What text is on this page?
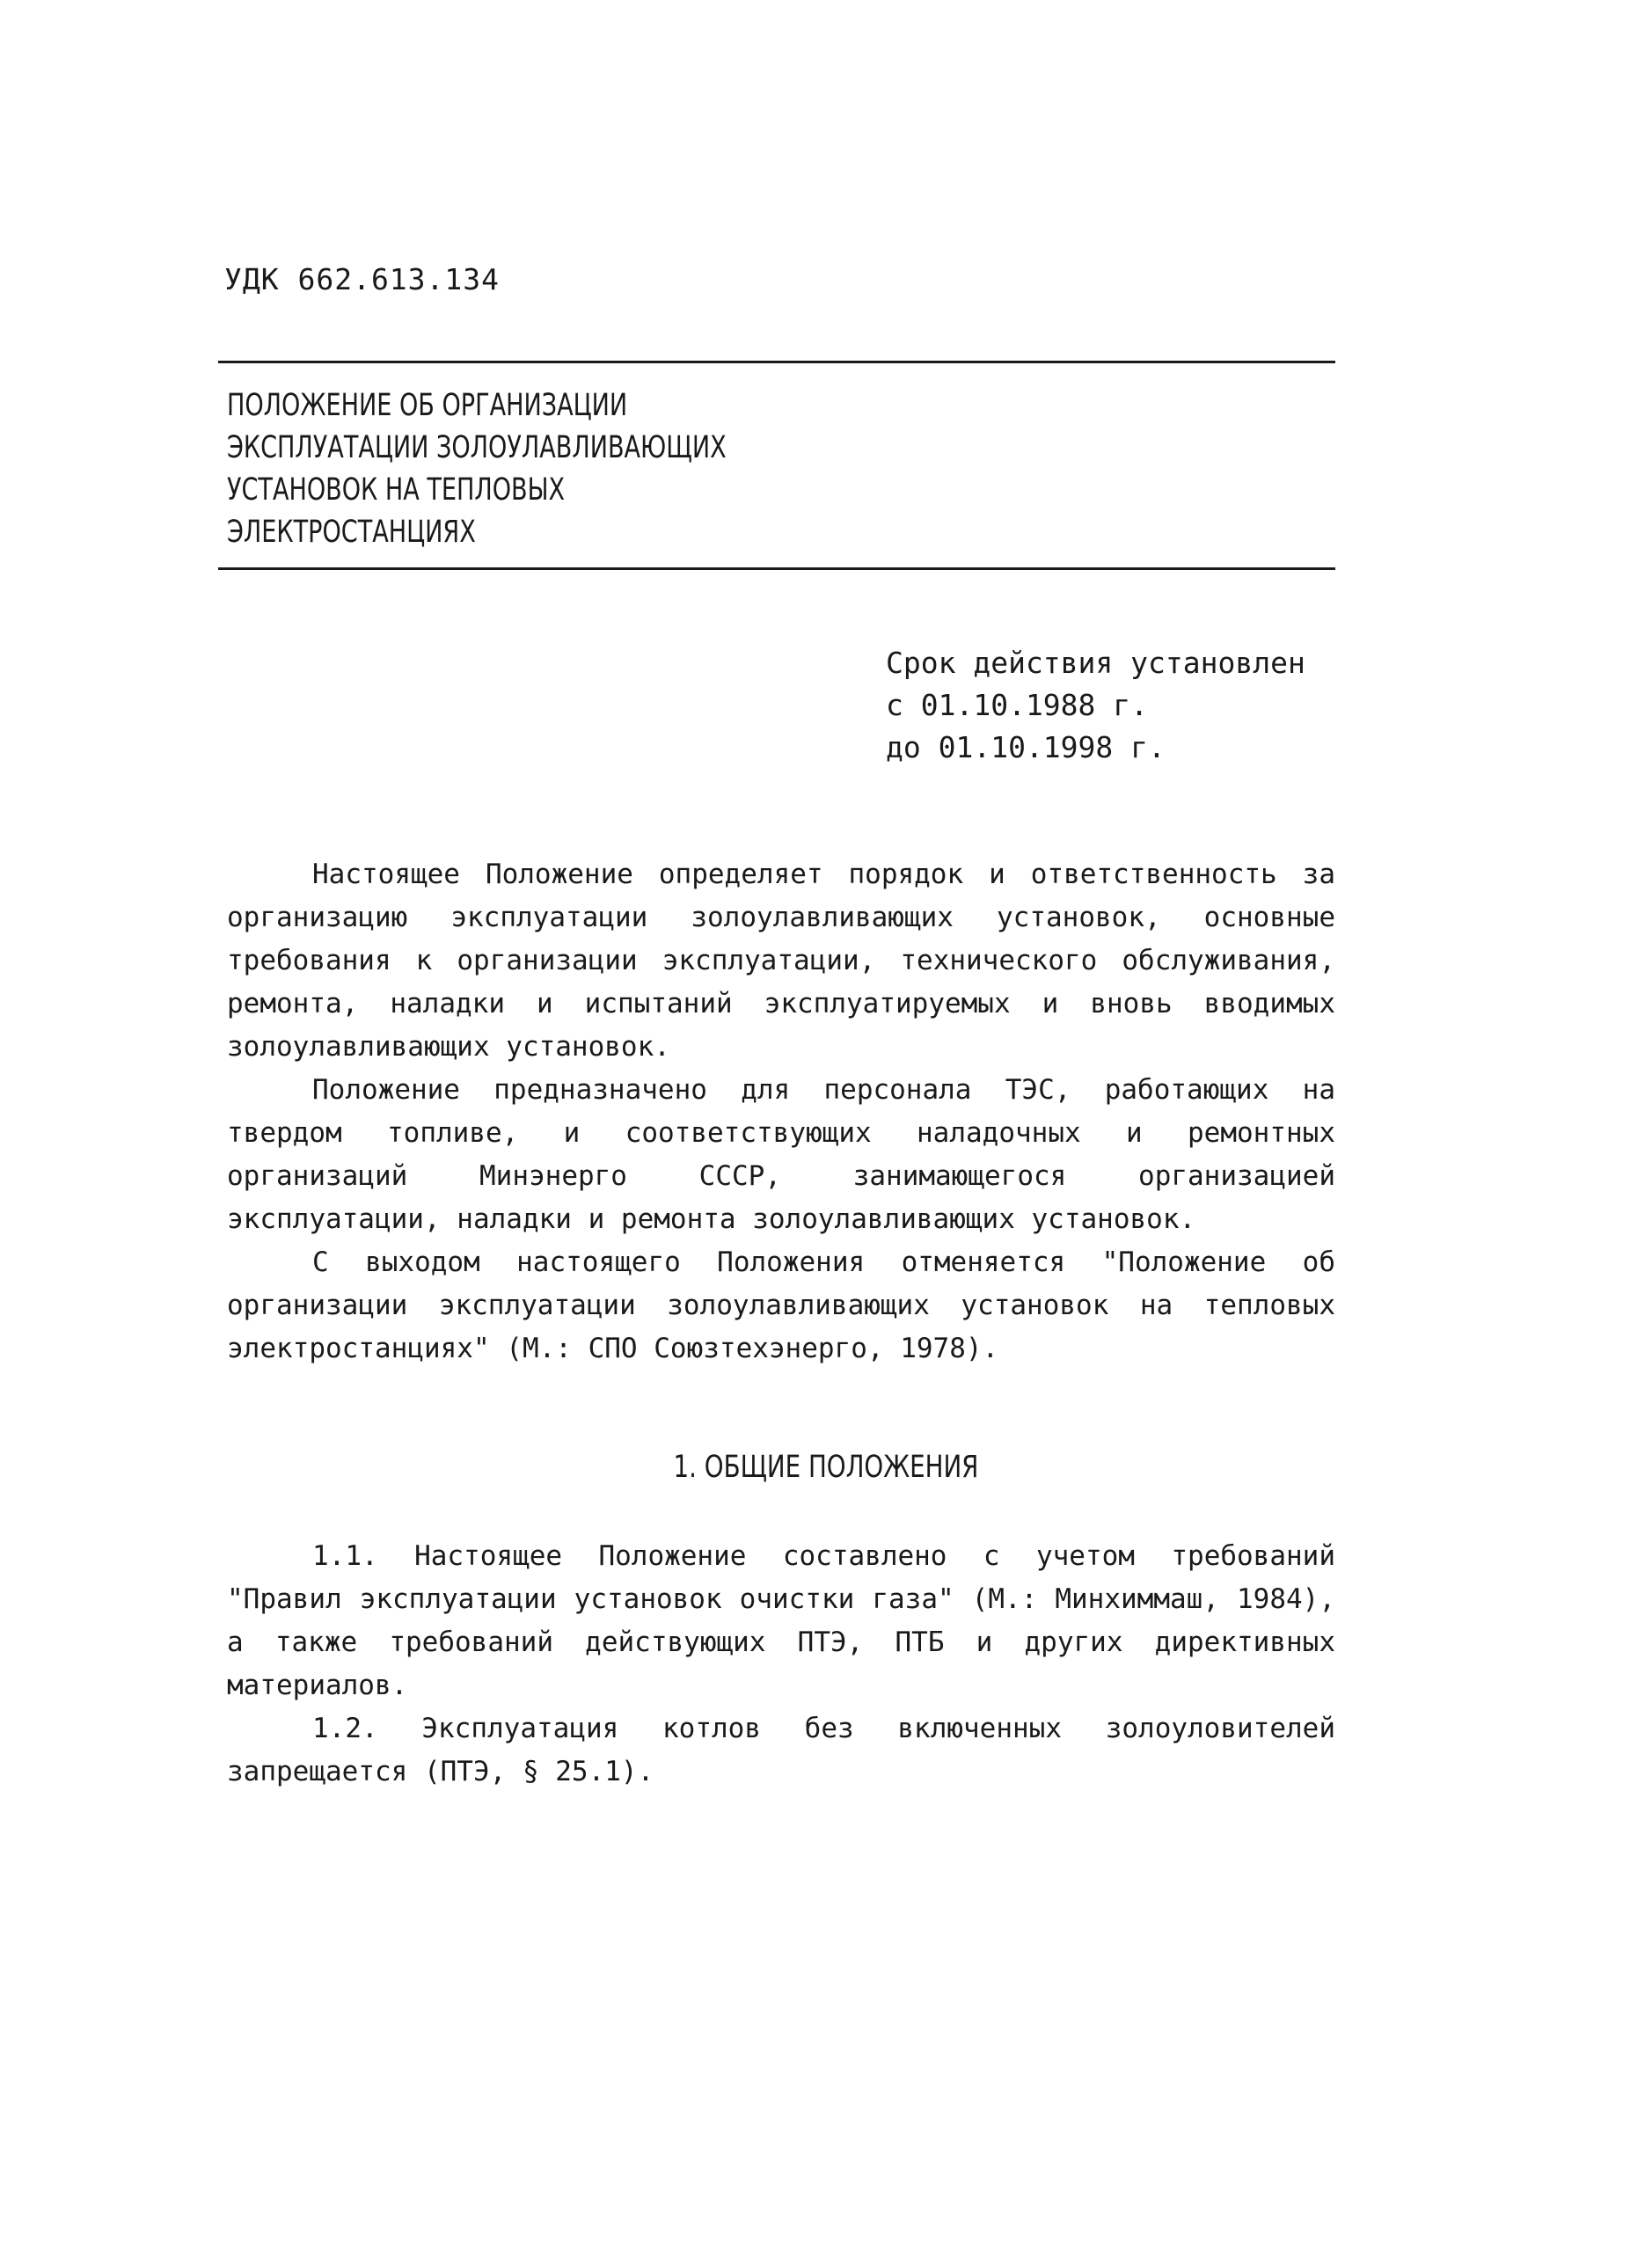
УДК 662.613.134
ПОЛОЖЕНИЕ ОБ ОРГАНИЗАЦИИ
ЭКСПЛУАТАЦИИ ЗОЛОУЛАВЛИВАЮЩИХ
УСТАНОВОК НА ТЕПЛОВЫХ
ЭЛЕКТРОСТАНЦИЯХ
Срок действия установлен
с 01.10.1988 г.
до 01.10.1998 г.

Настоящее Положение определяет порядок и ответственность за организацию эксплуатации золоулавливающих установок, основные требования к организации эксплуатации, технического обслуживания, ремонта, наладки и испытаний эксплуатируемых и вновь вводимых золоулавливающих установок.

Положение предназначено для персонала ТЭС, работающих на твердом топливе, и соответствующих наладочных и ремонтных организаций Минэнерго СССР, занимающегося организацией эксплуатации, наладки и ремонта золоулавливающих установок.

С выходом настоящего Положения отменяется "Положение об организации эксплуатации золоулавливающих установок на тепловых электростанциях" (М.: СПО Союзтехэнерго, 1978).

1. ОБЩИЕ ПОЛОЖЕНИЯ

1.1. Настоящее Положение составлено с учетом требований "Правил эксплуатации установок очистки газа" (М.: Минхиммаш, 1984), а также требований действующих ПТЭ, ПТБ и других директивных материалов.

1.2. Эксплуатация котлов без включенных золоуловителей запрещается (ПТЭ, § 25.1).
